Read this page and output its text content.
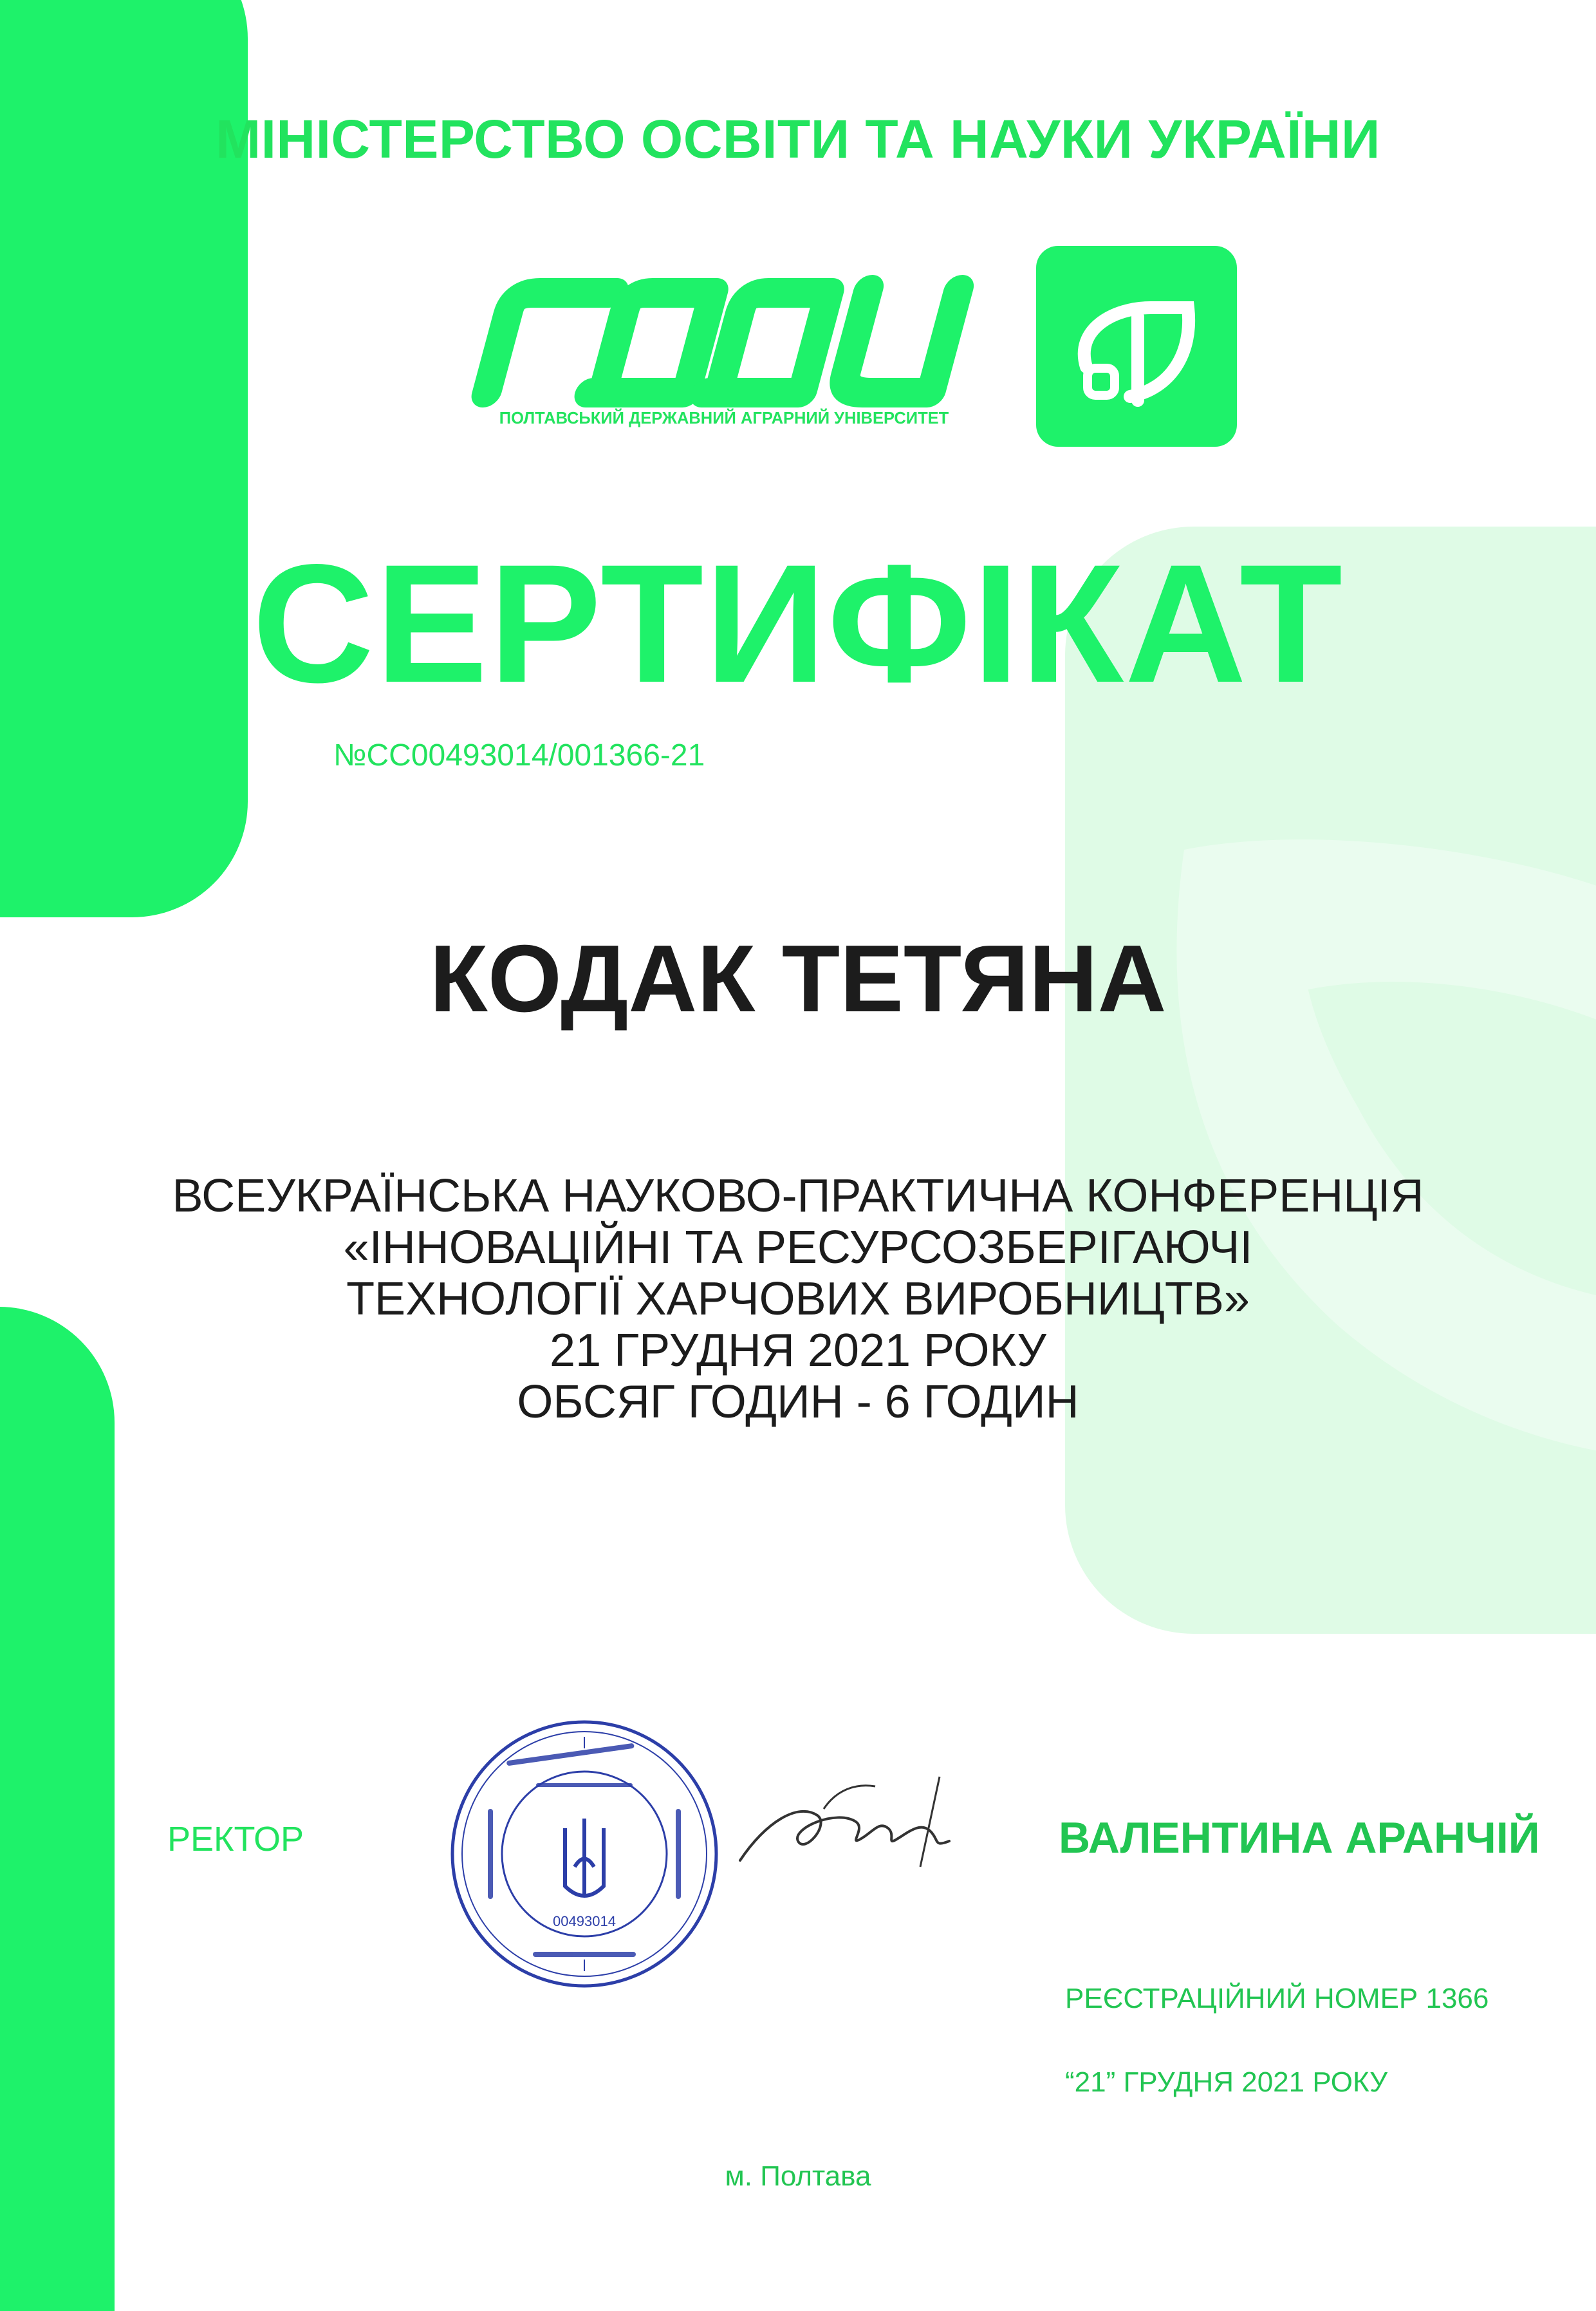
МІНІСТЕРСТВО ОСВІТИ ТА НАУКИ УКРАЇНИ
ПОЛТАВСЬКИЙ ДЕРЖАВНИЙ АГРАРНИЙ УНІВЕРСИТЕТ
СЕРТИФІКАТ
№CC00493014/001366-21
КОДАК ТЕТЯНА
ВСЕУКРАЇНСЬКА НАУКОВО-ПРАКТИЧНА КОНФЕРЕНЦІЯ
«ІННОВАЦІЙНІ ТА РЕСУРСОЗБЕРІГАЮЧІ
ТЕХНОЛОГІЇ ХАРЧОВИХ ВИРОБНИЦТВ»
21 ГРУДНЯ 2021 РОКУ
ОБСЯГ ГОДИН - 6 ГОДИН
РЕКТОР
00493014
ВАЛЕНТИНА АРАНЧІЙ
РЕЄСТРАЦІЙНИЙ НОМЕР 1366
“21” ГРУДНЯ 2021 РОКУ
м. Полтава
